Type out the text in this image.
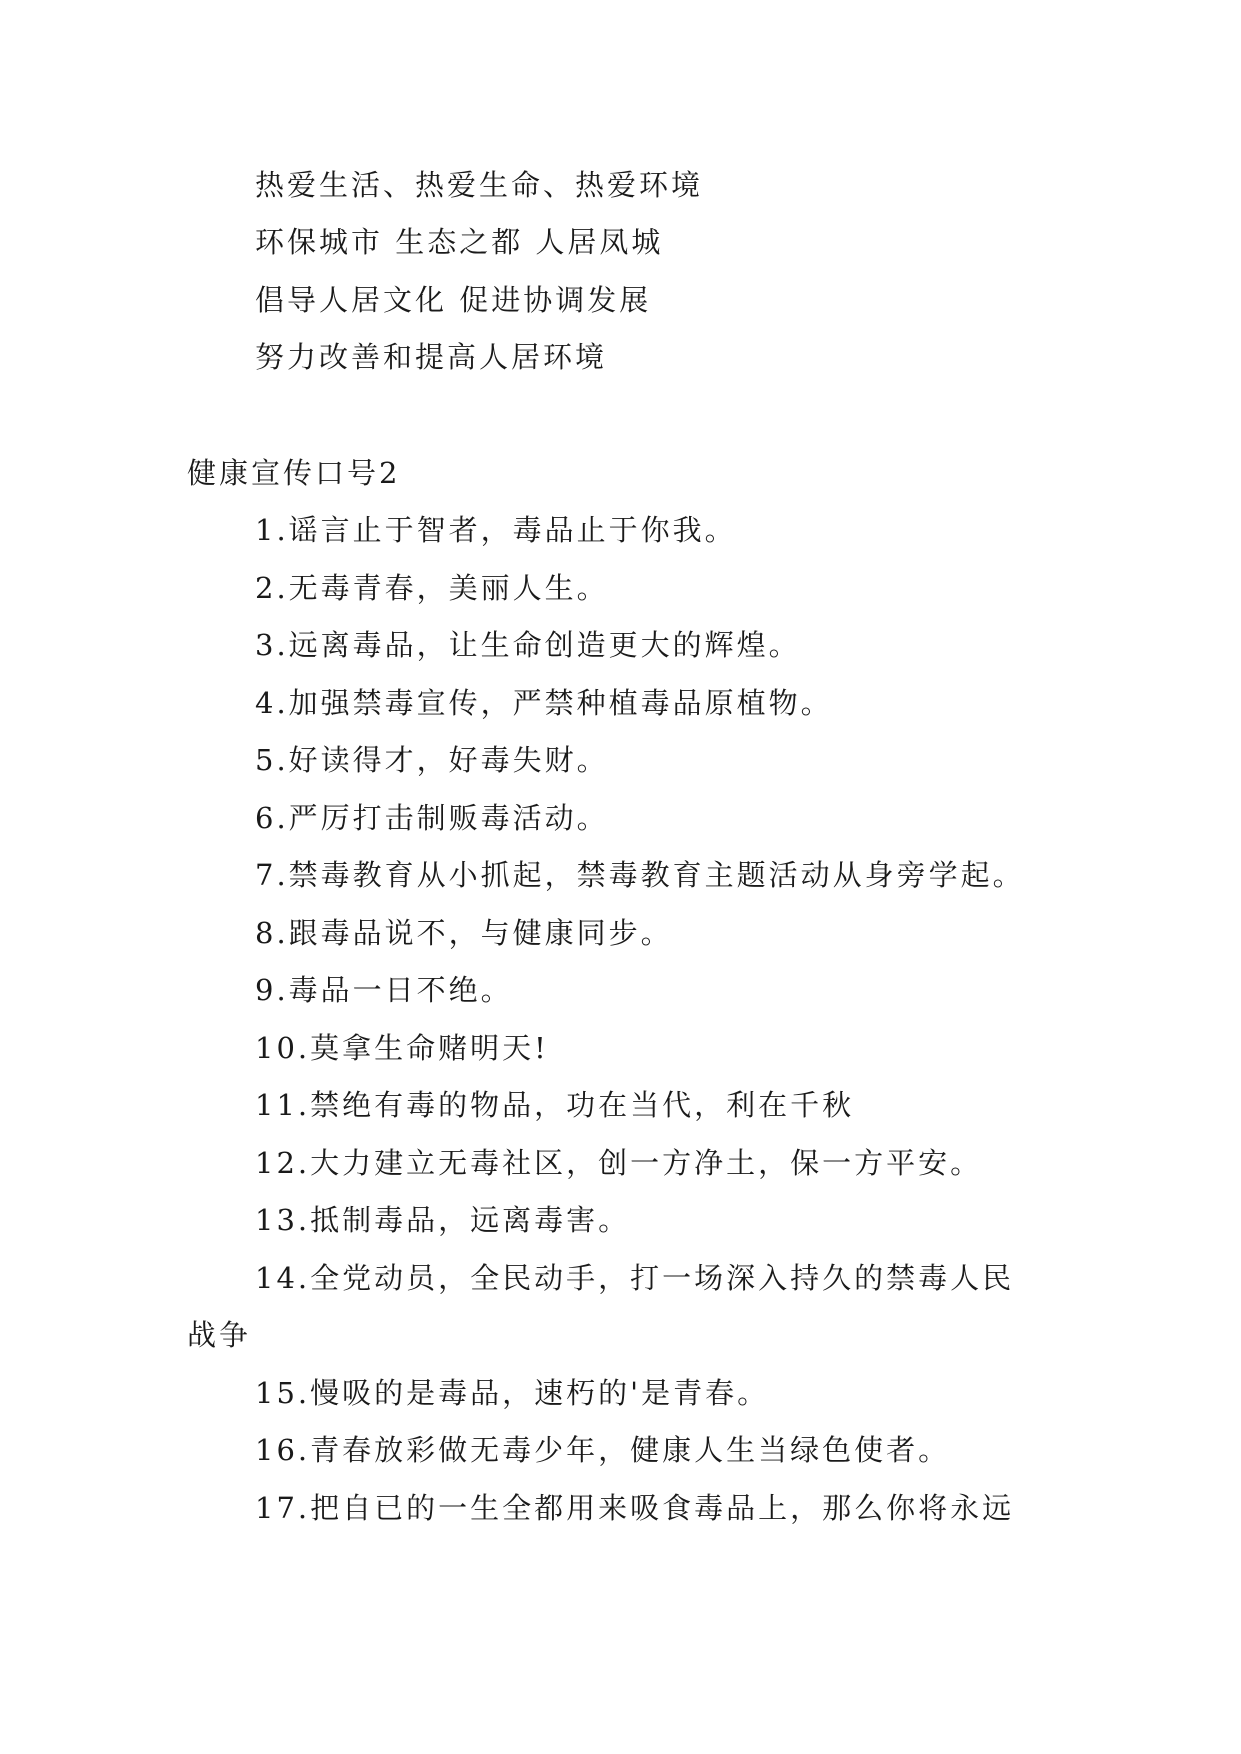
热爱生活、热爱生命、热爱环境
环保城市 生态之都 人居凤城
倡导人居文化 促进协调发展
努力改善和提高人居环境
健康宣传口号2
1.谣言止于智者，毒品止于你我。
2.无毒青春，美丽人生。
3.远离毒品，让生命创造更大的辉煌。
4.加强禁毒宣传，严禁种植毒品原植物。
5.好读得才，好毒失财。
6.严厉打击制贩毒活动。
7.禁毒教育从小抓起，禁毒教育主题活动从身旁学起。
8.跟毒品说不，与健康同步。
9.毒品一日不绝。
10.莫拿生命赌明天!
11.禁绝有毒的物品，功在当代，利在千秋
12.大力建立无毒社区，创一方净土，保一方平安。
13.抵制毒品，远离毒害。
14.全党动员，全民动手，打一场深入持久的禁毒人民
战争
15.慢吸的是毒品，速朽的'是青春。
16.青春放彩做无毒少年，健康人生当绿色使者。
17.把自已的一生全都用来吸食毒品上，那么你将永远
